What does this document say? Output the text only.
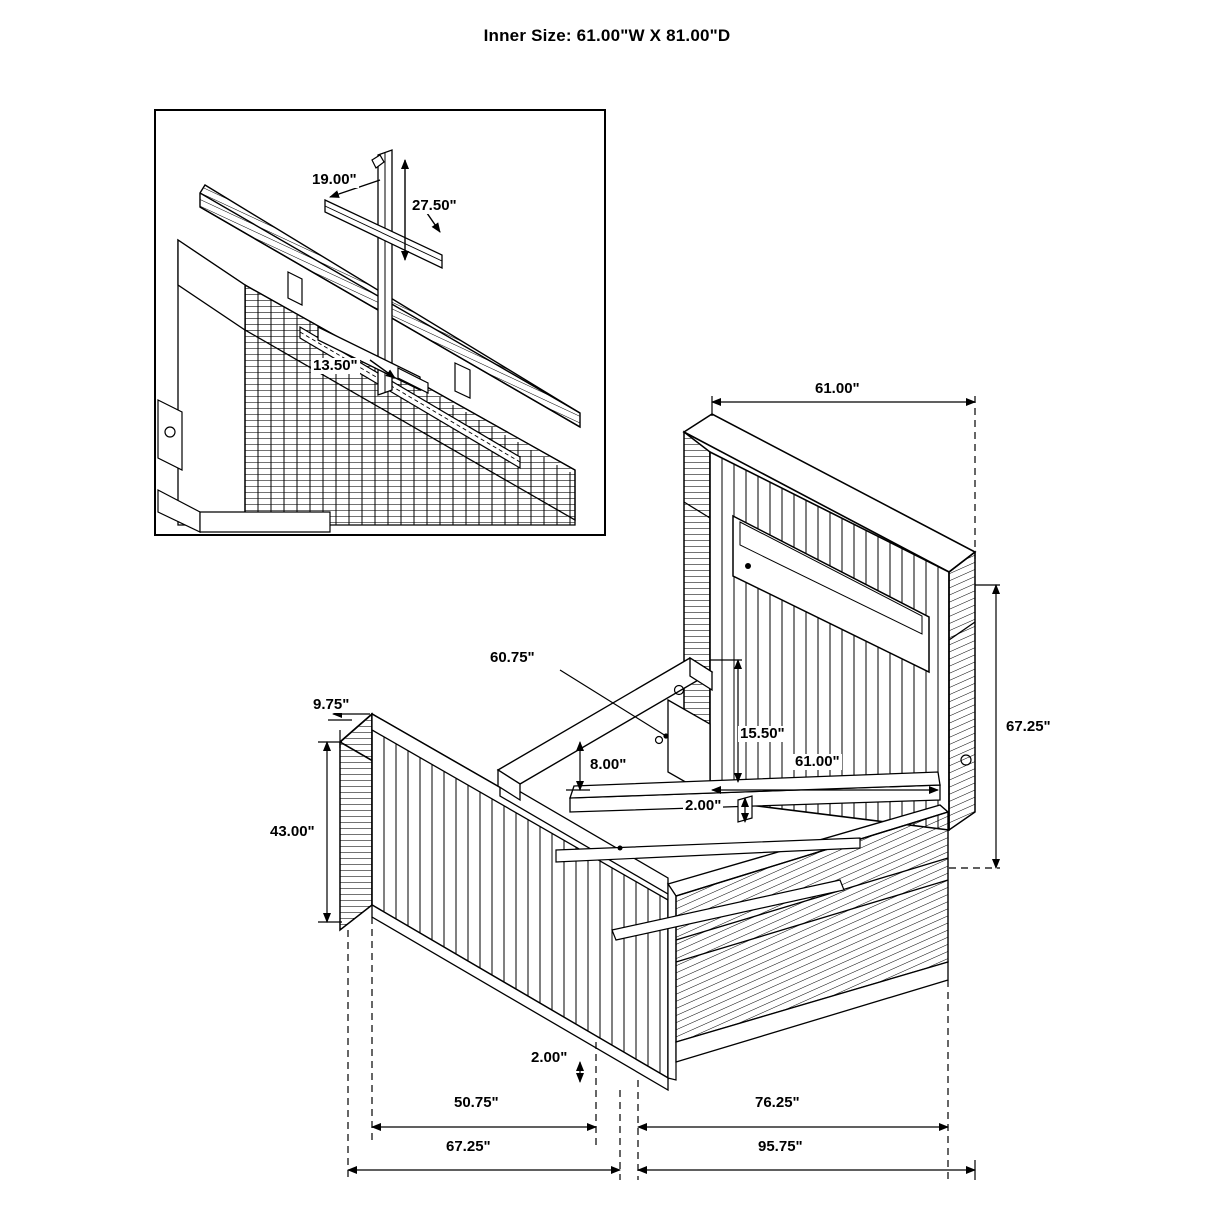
Inner Size: 61.00"W X 81.00"D
19.00"
27.50"
13.50"
61.00"
67.25"
61.00"
15.50"
8.00"
2.00"
43.00"
9.75"
60.75"
2.00"
50.75"	76.25"
67.25"	95.75"
